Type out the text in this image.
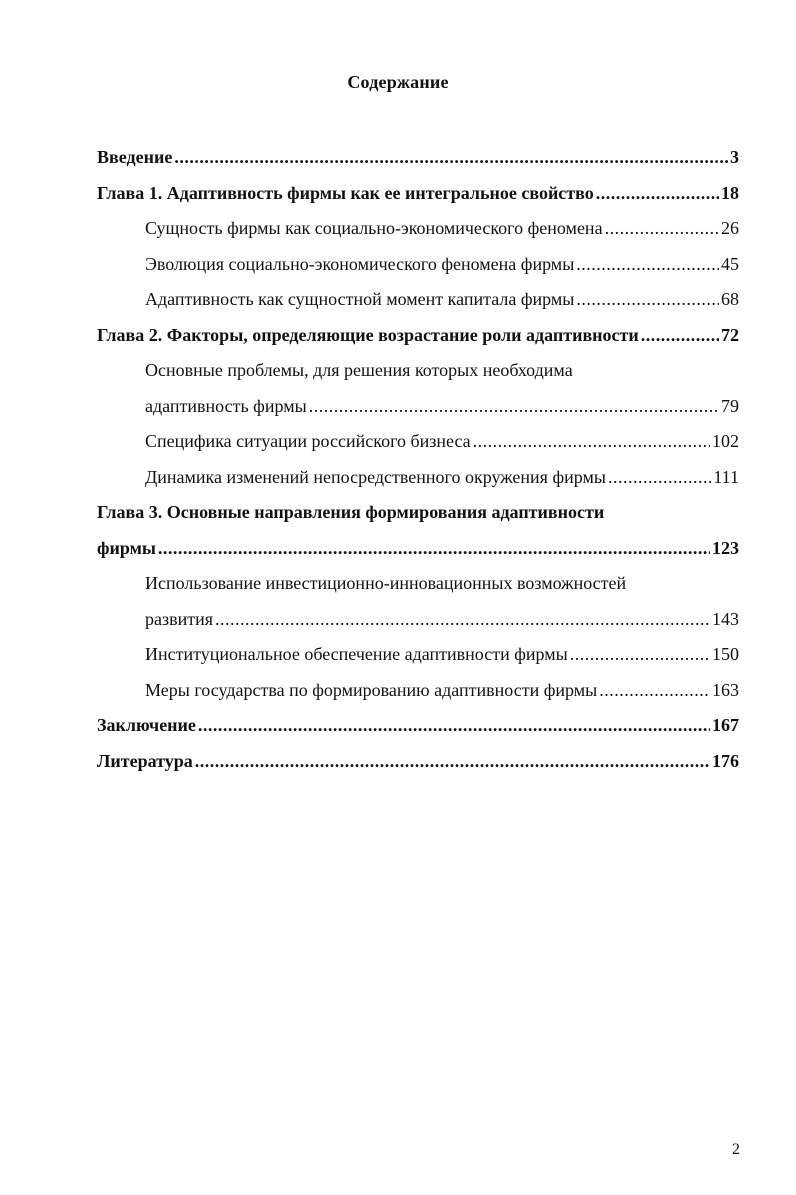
Содержание
Введение .....	3
Глава 1. Адаптивность фирмы как ее интегральное свойство .....	18
Сущность фирмы как социально-экономического феномена .....	26
Эволюция социально-экономического феномена фирмы .....	45
Адаптивность как сущностной момент капитала фирмы .....	68
Глава 2. Факторы, определяющие возрастание роли адаптивности .....	72
Основные проблемы, для решения которых необходима
адаптивность фирмы .....	79
Специфика ситуации российского бизнеса .....	102
Динамика изменений непосредственного окружения фирмы .....	111
Глава 3. Основные направления формирования адаптивности
фирмы .....	123
Использование инвестиционно-инновационных возможностей
развития .....	143
Институциональное обеспечение адаптивности фирмы .....	150
Меры государства по формированию адаптивности фирмы .....	163
Заключение .....	167
Литература .....	176
2
